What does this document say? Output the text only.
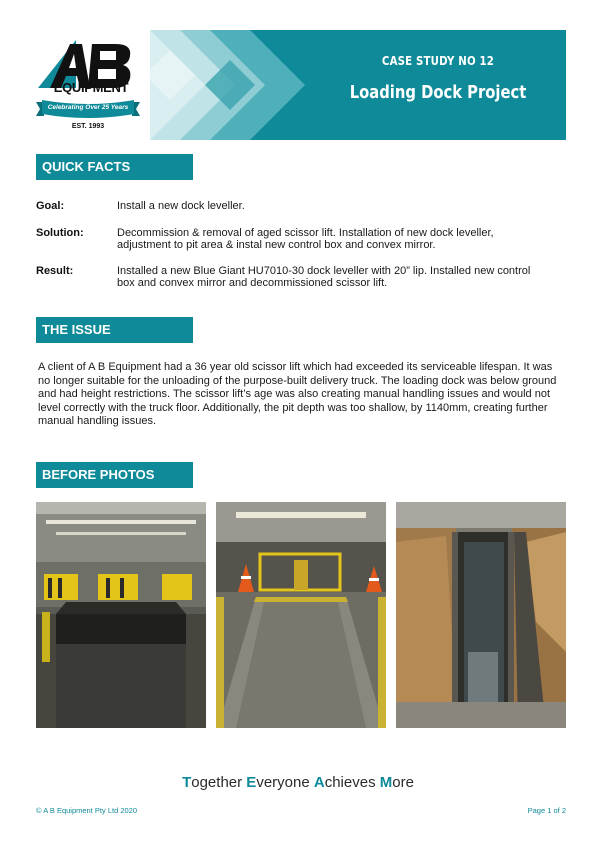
EQUIPMENT
Celebrating Over 25 Years
EST. 1993
CASE STUDY NO 12
Loading Dock Project
QUICK FACTS
Goal:	Install a new dock leveller.
Solution:	Decommission & removal of aged scissor lift. Installation of new dock leveller, adjustment to pit area & instal new control box and convex mirror.
Result:	Installed a new Blue Giant HU7010-30 dock leveller with 20” lip. Installed new control box and convex mirror and decommissioned scissor lift.
THE ISSUE
A client of A B Equipment had a 36 year old scissor lift which had exceeded its serviceable lifespan. It was no longer suitable for the unloading of the purpose-built delivery truck. The loading dock was below ground and had height restrictions. The scissor lift’s age was also creating manual handling issues and would not level correctly with the truck floor. Additionally, the pit depth was too shallow, by 1140mm, creating further manual handling issues.
BEFORE PHOTOS
Together Everyone Achieves More
© A B Equipment Pty Ltd 2020	Page 1 of 2
